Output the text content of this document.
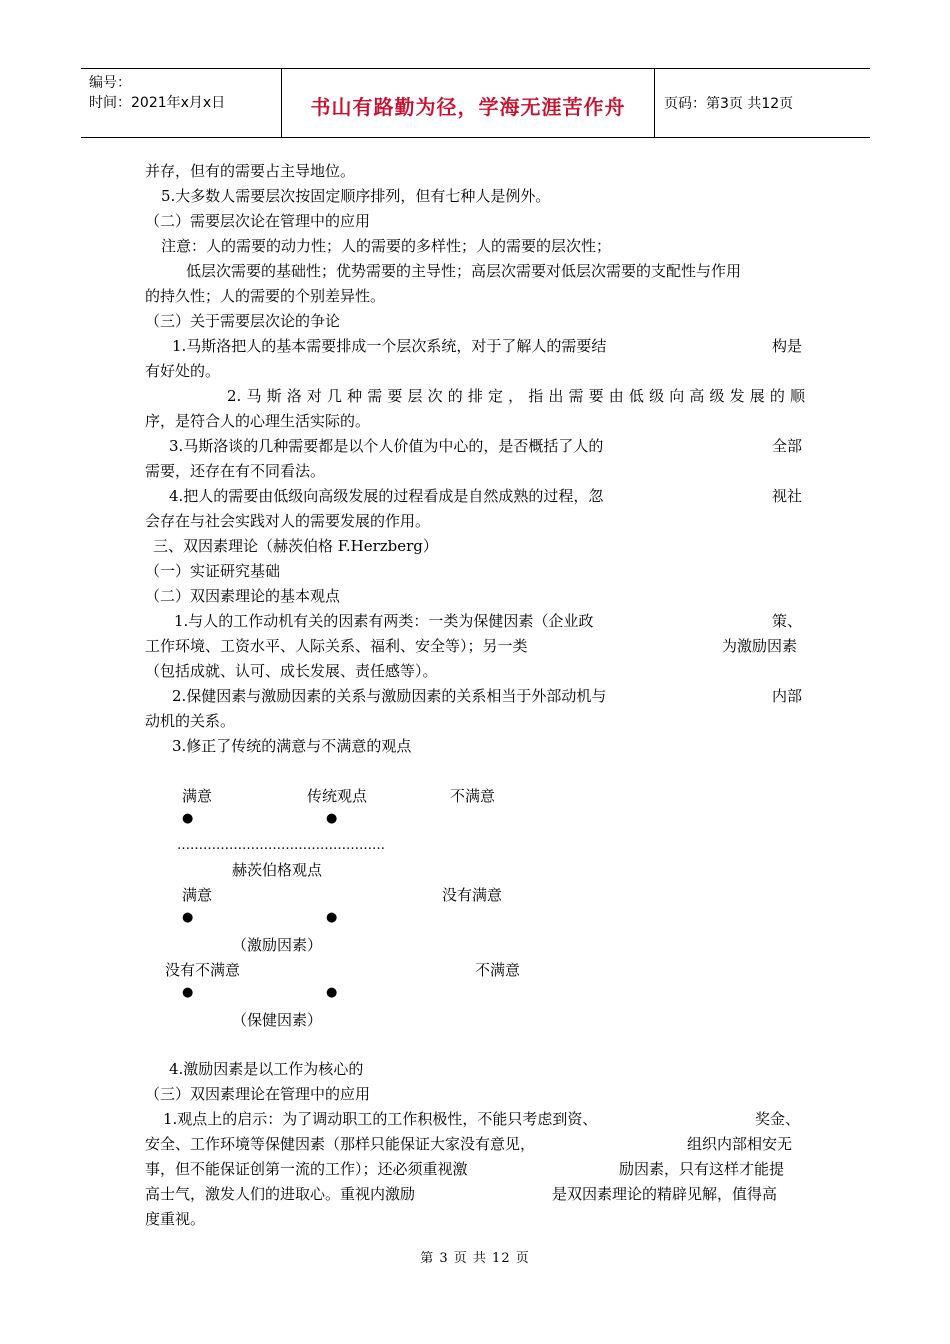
编号：
时间：2021年x月x日	书山有路勤为径，学海无涯苦作舟	页码：第3页 共12页
并存，但有的需要占主导地位。
5.大多数人需要层次按固定顺序排列，但有七种人是例外。
（二）需要层次论在管理中的应用
注意：人的需要的动力性；人的需要的多样性；人的需要的层次性；
低层次需要的基础性；优势需要的主导性；高层次需要对低层次需要的支配性与作用
的持久性；人的需要的个别差异性。
（三）关于需要层次论的争论
1.马斯洛把人的基本需要排成一个层次系统，对于了解人的需要结	构是
有好处的。
2.马斯洛对几种需要层次的排定，指出需要由低级向高级发展的顺
序，是符合人的心理生活实际的。
3.马斯洛谈的几种需要都是以个人价值为中心的，是否概括了人的	全部
需要，还存在有不同看法。
4.把人的需要由低级向高级发展的过程看成是自然成熟的过程，忽	视社
会存在与社会实践对人的需要发展的作用。
三、双因素理论（赫茨伯格 F.Herzberg）
（一）实证研究基础
（二）双因素理论的基本观点
1.与人的工作动机有关的因素有两类：一类为保健因素（企业政	策、
工作环境、工资水平、人际关系、福利、安全等）；另一类	为激励因素
（包括成就、认可、成长发展、责任感等）。
2.保健因素与激励因素的关系与激励因素的关系相当于外部动机与	内部
动机的关系。
3.修正了传统的满意与不满意的观点
满意	传统观点	不满意
●	●
…………………………………………
赫茨伯格观点
满意	没有满意
●	●
（激励因素）
没有不满意	不满意
●	●
（保健因素）
4.激励因素是以工作为核心的
（三）双因素理论在管理中的应用
1.观点上的启示：为了调动职工的工作积极性，不能只考虑到资、	奖金、
安全、工作环境等保健因素（那样只能保证大家没有意见，	组织内部相安无
事，但不能保证创第一流的工作）；还必须重视激	励因素，只有这样才能提
高士气，激发人们的进取心。重视内激励	是双因素理论的精辟见解，值得高
度重视。
第 3 页 共 12 页
